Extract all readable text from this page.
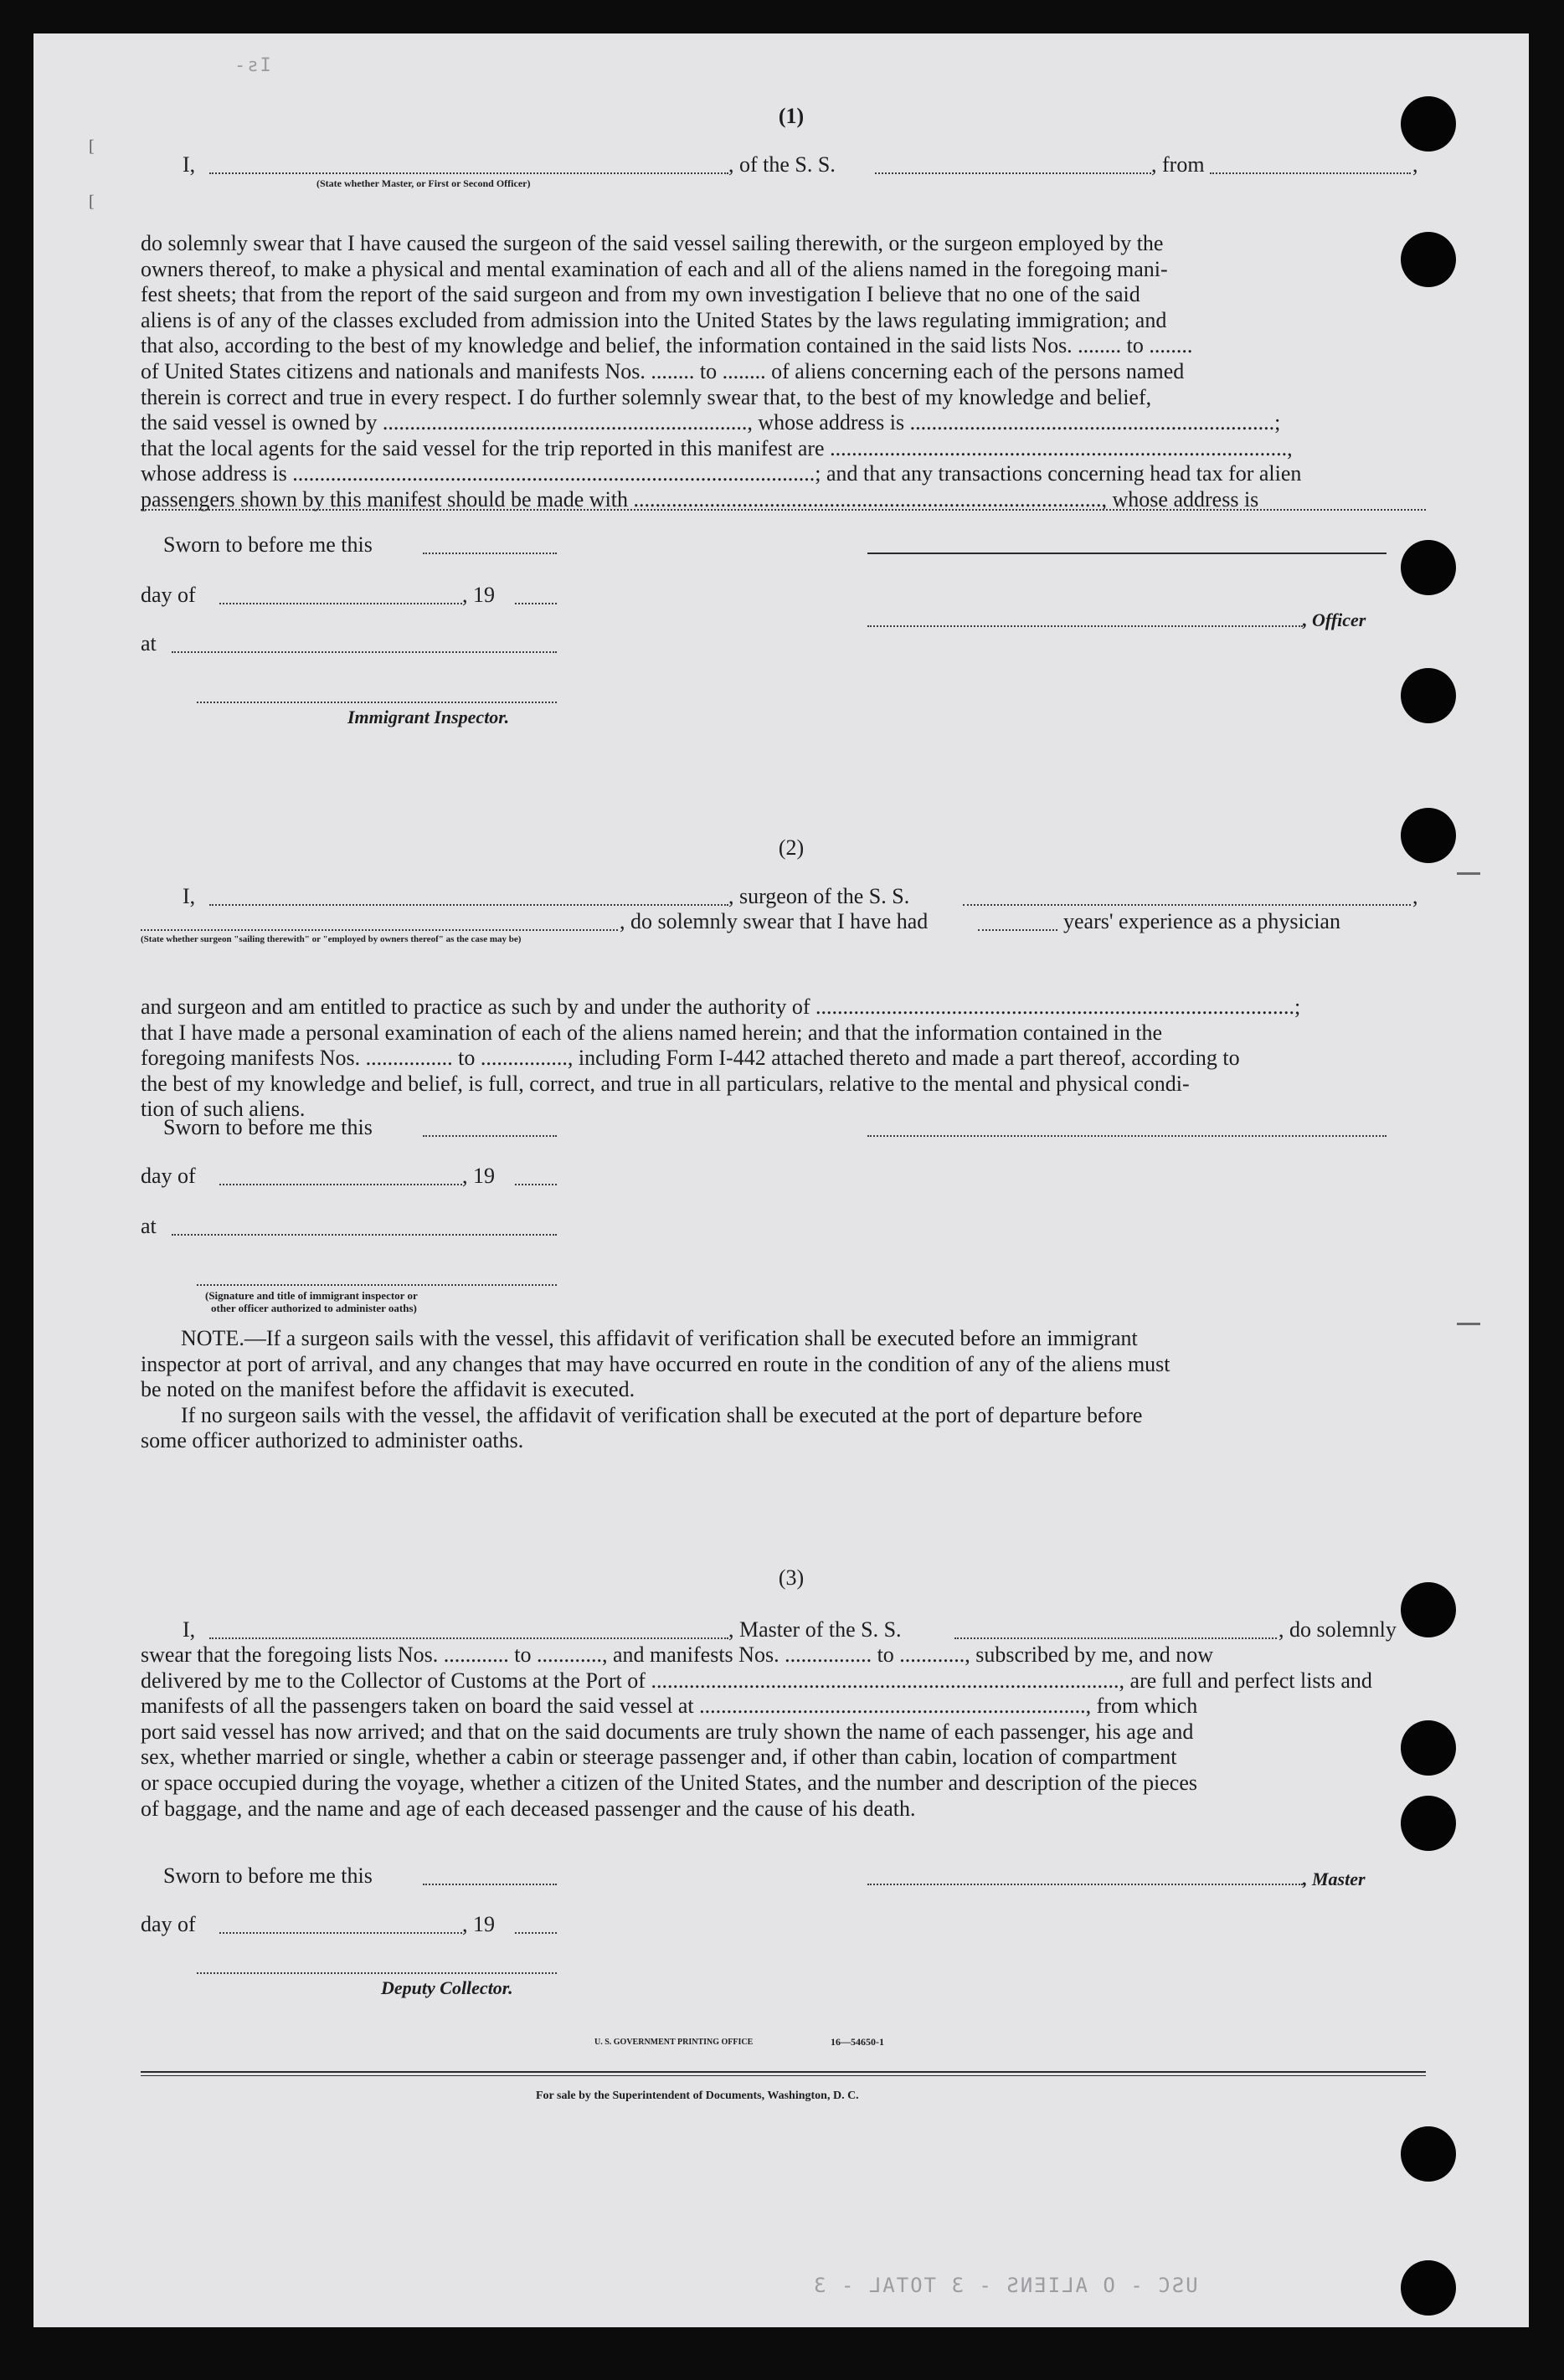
-ƨI
[
[
(1)
I,	, of the S. S.	, from	,
(State whether Master, or First or Second Officer)
do solemnly swear that I have caused the surgeon of the said vessel sailing therewith, or the surgeon employed by the
owners thereof, to make a physical and mental examination of each and all of the aliens named in the foregoing mani-
fest sheets; that from the report of the said surgeon and from my own investigation I believe that no one of the said
aliens is of any of the classes excluded from admission into the United States by the laws regulating immigration; and
that also, according to the best of my knowledge and belief, the information contained in the said lists Nos. ........ to ........
of United States citizens and nationals and manifests Nos. ........ to ........ of aliens concerning each of the persons named
therein is correct and true in every respect. I do further solemnly swear that, to the best of my knowledge and belief,
the said vessel is owned by ..................................................................., whose address is ...................................................................;
that the local agents for the said vessel for the trip reported in this manifest are ....................................................................................,
whose address is ................................................................................................; and that any transactions concerning head tax for alien
passengers shown by this manifest should be made with ......................................................................................, whose address is
Sworn to before me this
day of	, 19
, Officer
at
Immigrant Inspector.
(2)
I,	, surgeon of the S. S.	,
, do solemnly swear that I have had	years' experience as a physician
(State whether surgeon "sailing therewith" or "employed by owners thereof" as the case may be)
and surgeon and am entitled to practice as such by and under the authority of ........................................................................................;
that I have made a personal examination of each of the aliens named herein; and that the information contained in the
foregoing manifests Nos. ................ to ................, including Form I-442 attached thereto and made a part thereof, according to
the best of my knowledge and belief, is full, correct, and true in all particulars, relative to the mental and physical condi-
tion of such aliens.
Sworn to before me this
day of	, 19
at
(Signature and title of immigrant inspector or
other officer authorized to administer oaths)
NOTE.—If a surgeon sails with the vessel, this affidavit of verification shall be executed before an immigrant
inspector at port of arrival, and any changes that may have occurred en route in the condition of any of the aliens must
be noted on the manifest before the affidavit is executed.
If no surgeon sails with the vessel, the affidavit of verification shall be executed at the port of departure before
some officer authorized to administer oaths.
(3)
I,	, Master of the S. S.	, do solemnly
swear that the foregoing lists Nos. ............ to ............, and manifests Nos. ................ to ............, subscribed by me, and now
delivered by me to the Collector of Customs at the Port of ......................................................................................, are full and perfect lists and
manifests of all the passengers taken on board the said vessel at ......................................................................., from which
port said vessel has now arrived; and that on the said documents are truly shown the name of each passenger, his age and
sex, whether married or single, whether a cabin or steerage passenger and, if other than cabin, location of compartment
or space occupied during the voyage, whether a citizen of the United States, and the number and description of the pieces
of baggage, and the name and age of each deceased passenger and the cause of his death.
Sworn to before me this	, Master
day of	, 19
Deputy Collector.
U. S. GOVERNMENT PRINTING OFFICE	16—54650-1
For sale by the Superintendent of Documents, Washington, D. C.
USC - O ALIENS - 3 TOTAL - 3
